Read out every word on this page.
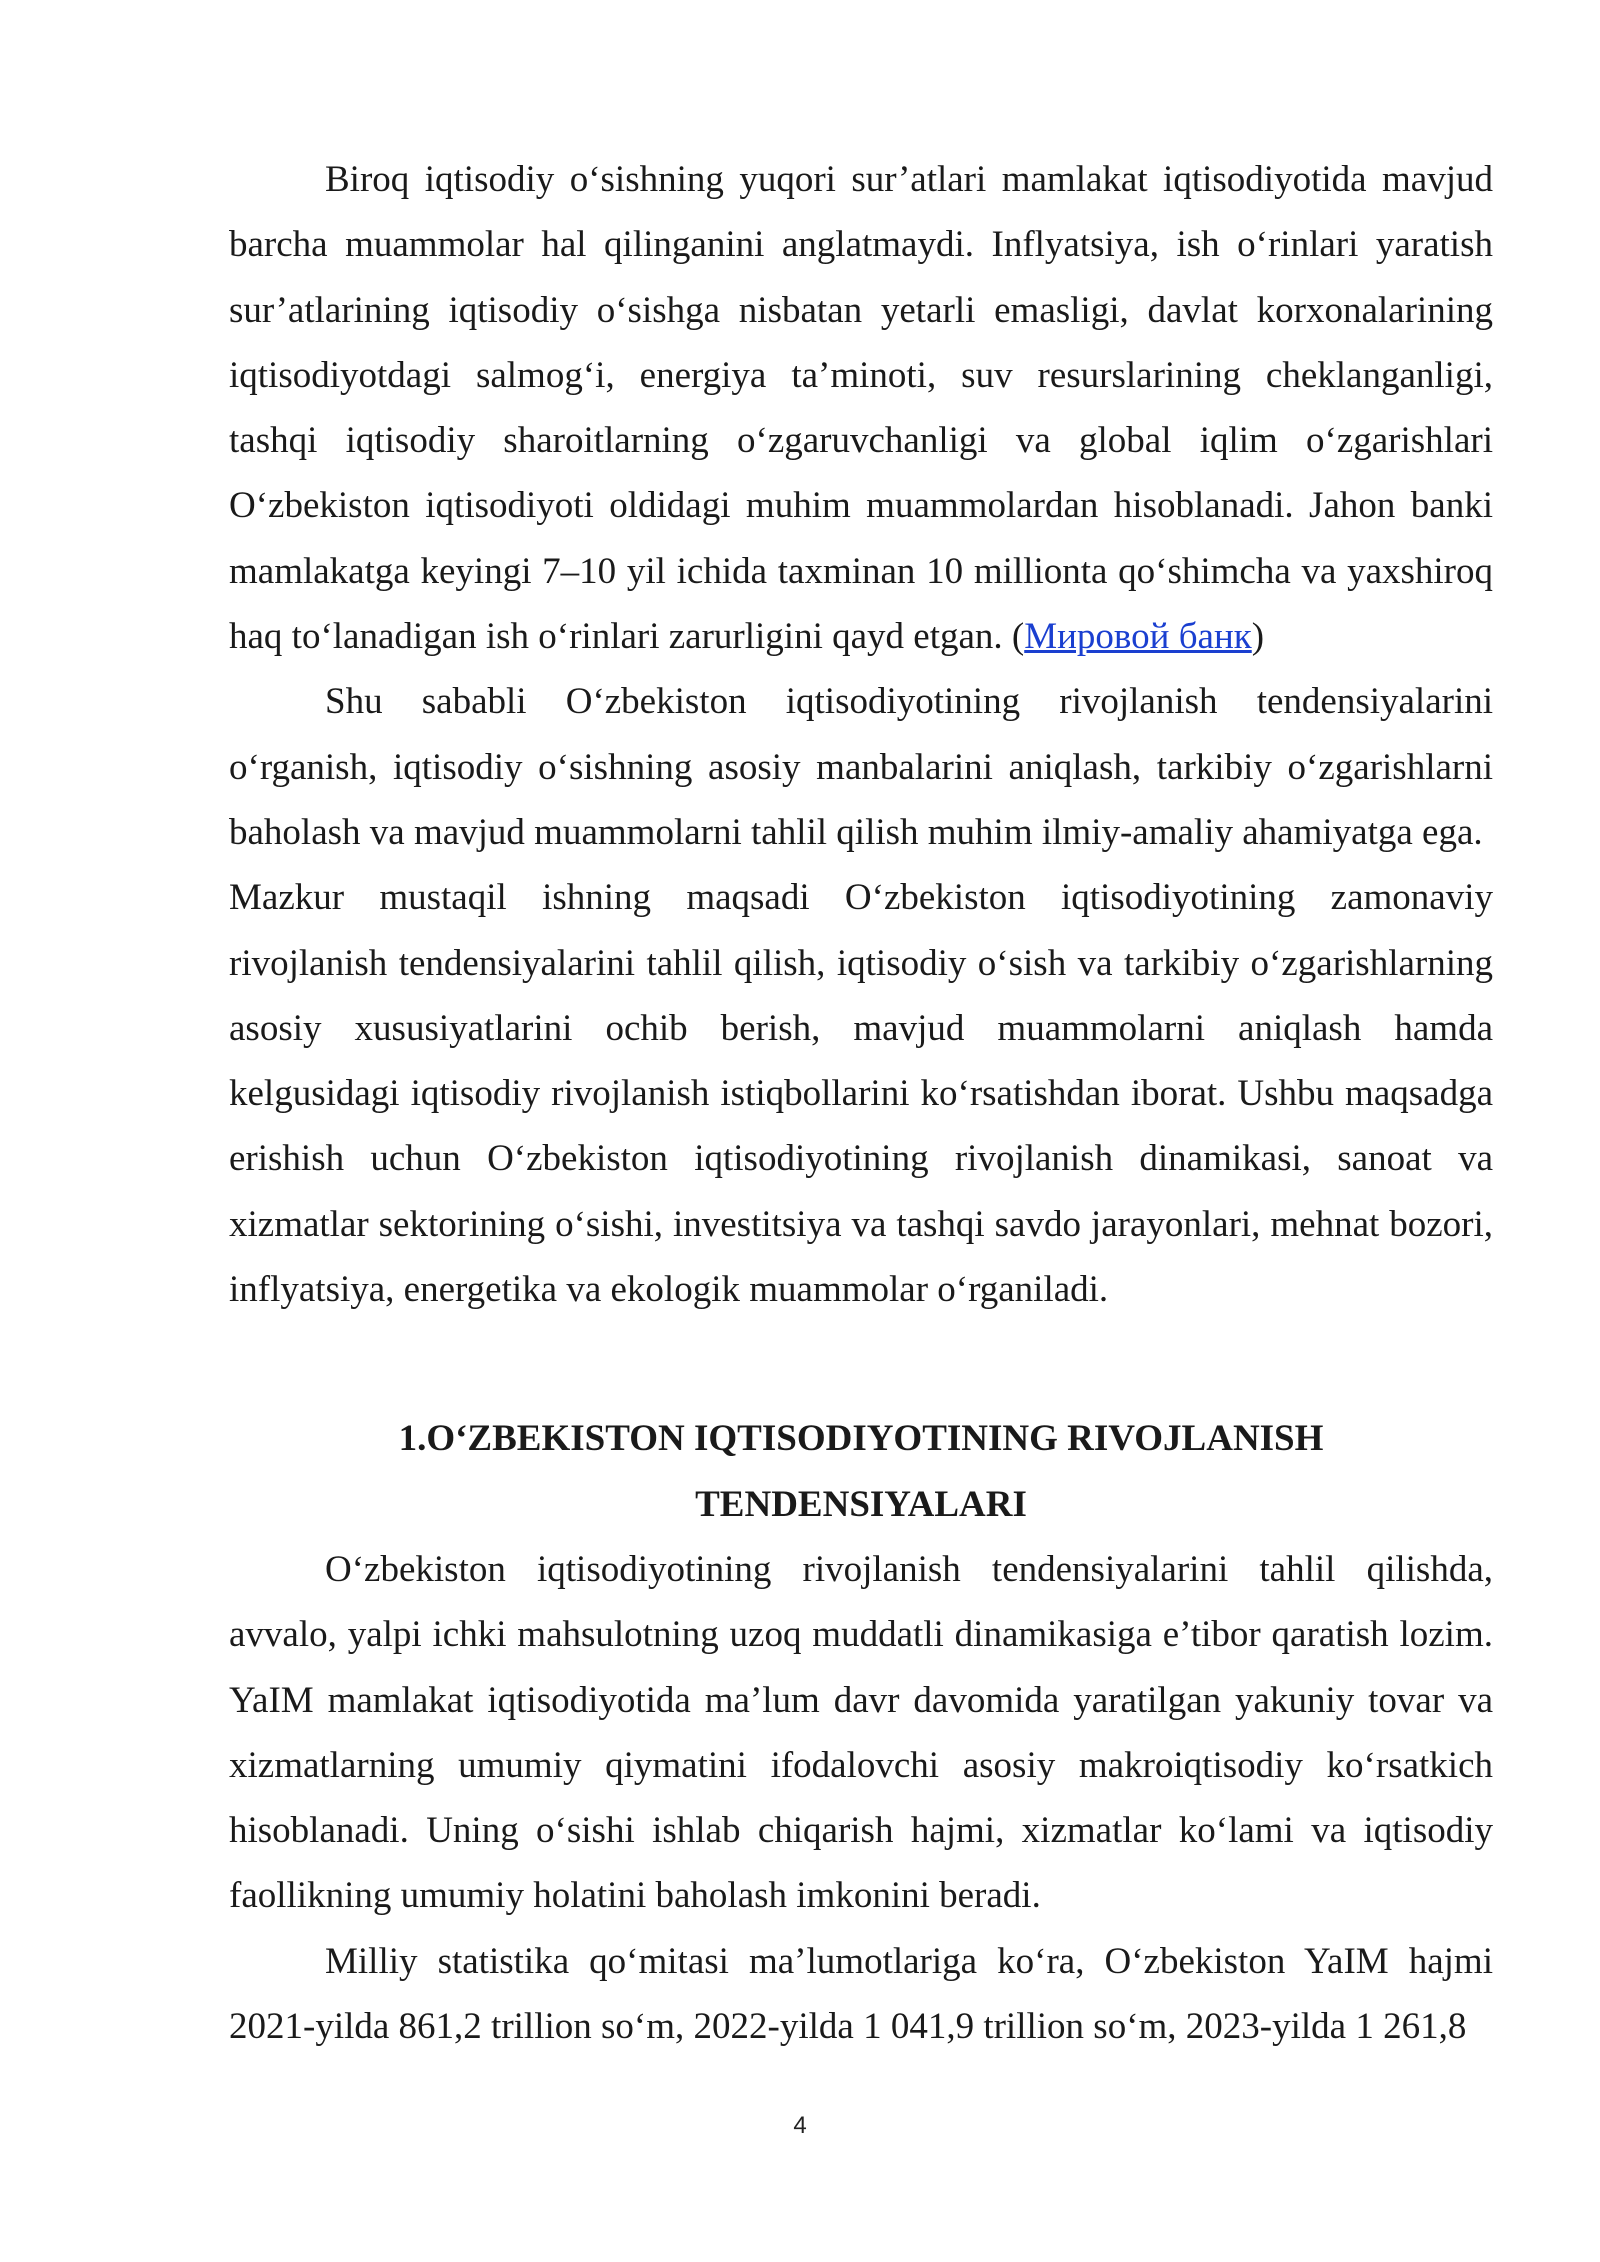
Biroq iqtisodiy o‘sishning yuqori sur’atlari mamlakat iqtisodiyotida mavjud barcha muammolar hal qilinganini anglatmaydi. Inflyatsiya, ish o‘rinlari yaratish sur’atlarining iqtisodiy o‘sishga nisbatan yetarli emasligi, davlat korxonalarining iqtisodiyotdagi salmog‘i, energiya ta’minoti, suv resurslarining cheklanganligi, tashqi iqtisodiy sharoitlarning o‘zgaruvchanligi va global iqlim o‘zgarishlari O‘zbekiston iqtisodiyoti oldidagi muhim muammolardan hisoblanadi. Jahon banki mamlakatga keyingi 7–10 yil ichida taxminan 10 millionta qo‘shimcha va yaxshiroq haq to‘lanadigan ish o‘rinlari zarurligini qayd etgan. (Мировой банк)

Shu sababli O‘zbekiston iqtisodiyotining rivojlanish tendensiyalarini o‘rganish, iqtisodiy o‘sishning asosiy manbalarini aniqlash, tarkibiy o‘zgarishlarni baholash va mavjud muammolarni tahlil qilish muhim ilmiy-amaliy ahamiyatga ega.

Mazkur mustaqil ishning maqsadi O‘zbekiston iqtisodiyotining zamonaviy rivojlanish tendensiyalarini tahlil qilish, iqtisodiy o‘sish va tarkibiy o‘zgarishlarning asosiy xususiyatlarini ochib berish, mavjud muammolarni aniqlash hamda kelgusidagi iqtisodiy rivojlanish istiqbollarini ko‘rsatishdan iborat. Ushbu maqsadga erishish uchun O‘zbekiston iqtisodiyotining rivojlanish dinamikasi, sanoat va xizmatlar sektorining o‘sishi, investitsiya va tashqi savdo jarayonlari, mehnat bozori, inflyatsiya, energetika va ekologik muammolar o‘rganiladi.

1.O‘ZBEKISTON IQTISODIYOTINING RIVOJLANISH
TENDENSIYALARI

O‘zbekiston iqtisodiyotining rivojlanish tendensiyalarini tahlil qilishda, avvalo, yalpi ichki mahsulotning uzoq muddatli dinamikasiga e’tibor qaratish lozim. YaIM mamlakat iqtisodiyotida ma’lum davr davomida yaratilgan yakuniy tovar va xizmatlarning umumiy qiymatini ifodalovchi asosiy makroiqtisodiy ko‘rsatkich hisoblanadi. Uning o‘sishi ishlab chiqarish hajmi, xizmatlar ko‘lami va iqtisodiy faollikning umumiy holatini baholash imkonini beradi.

Milliy statistika qo‘mitasi ma’lumotlariga ko‘ra, O‘zbekiston YaIM hajmi 2021-yilda 861,2 trillion so‘m, 2022-yilda 1 041,9 trillion so‘m, 2023-yilda 1 261,8

4
